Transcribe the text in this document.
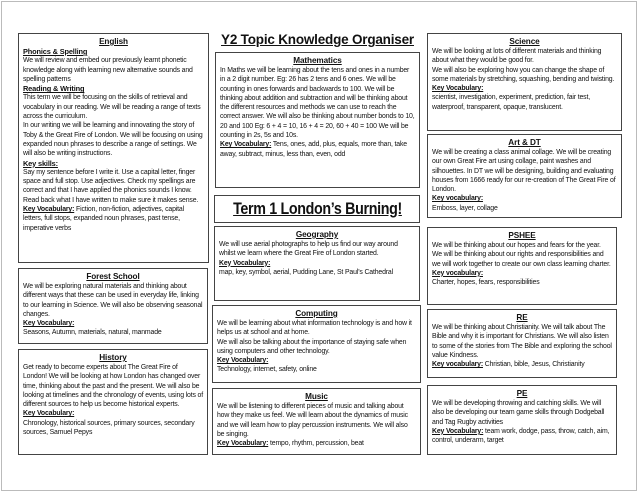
English
Phonics & Spelling

We will review and embed our previously learnt phonetic knowledge along with learning new alternative sounds and spelling patterns

Reading & Writing

This term we will be focusing on the skills of retrieval and vocabulary in our reading. We will be reading a range of texts across the curriculum.

In our writing we will be learning and innovating the story of Toby & the Great Fire of London. We will be focusing on using expanded noun phrases to describe a range of settings. We will also be writing instructions.

Key skills:

Say my sentence before I write it. Use a capital letter, finger space and full stop. Use adjectives. Check my spellings are correct and that I have applied the phonics sounds I know. Read back what I have written to make sure it makes sense.

Key Vocabulary: Fiction, non-fiction, adjectives, capital letters, full stops, expanded noun phrases, past tense, imperative verbs

Forest School

We will be exploring natural materials and thinking about different ways that these can be used in everyday life, linking to our learning in Science. We will also be observing seasonal changes.

Key Vocabulary:

Seasons, Autumn, materials, natural, manmade

History

Get ready to become experts about The Great Fire of London! We will be looking at how London has changed over time, thinking about the past and the present. We will also be looking at timelines and the chronology of events, using lots of different sources to help us become historical experts.

Key Vocabulary:

Chronology, historical sources, primary sources, secondary sources, Samuel Pepys

Y2 Topic Knowledge Organiser
Mathematics

In Maths we will be learning about the tens and ones in a number in a 2 digit number. Eg: 26 has 2 tens and 6 ones. We will be counting in ones forwards and backwards to 100. We will be thinking about addition and subtraction and will be thinking about the different resources and methods we can use to reach the correct answer. We will also be thinking about number bonds to 10, 20 and 100 Eg: 6 + 4 = 10, 16 + 4 = 20, 60 + 40 = 100 We will be counting in 2s, 5s and 10s.

Key Vocabulary: Tens, ones, add, plus, equals, more than, take away, subtract, minus, less than, even, odd

Term 1 London’s Burning!
Geography

We will use aerial photographs to help us find our way around whilst we learn where the Great Fire of London started.

Key Vocabulary:

map, key, symbol, aerial, Pudding Lane, St Paul’s Cathedral

Computing

We will be learning about what information technology is and how it helps us at school and at home.

We will also be talking about the importance of staying safe when using computers and other technology.

Key Vocabulary:

Technology, internet, safety, online

Music

We will be listening to different pieces of music and talking about how they make us feel. We will learn about the dynamics of music and we will learn how to play percussion instruments. We will also be singing.

Key Vocabulary: tempo, rhythm, percussion, beat

Science

We will be looking at lots of different materials and thinking about what they would be good for.

We will also be exploring how you can change the shape of some materials by stretching, squashing, bending and twisting.

Key Vocabulary:

scientist, investigation, experiment, prediction, fair test, waterproof, transparent, opaque, translucent.

Art & DT

We will be creating a class animal collage. We will be creating our own Great Fire art using collage, paint washes and silhouettes. In DT we will be designing, building and evaluating houses from 1666 ready for our re-creation of The Great Fire of London.

Key vocabulary:

Emboss, layer, collage

PSHEE

We will be thinking about our hopes and fears for the year. We will be thinking about our rights and responsibilities and we will work together to create our own class learning charter.

Key vocabulary:

Charter, hopes, fears, responsibilities

RE

We will be thinking about Christianity. We will talk about The Bible and why it is important for Christians. We will also listen to some of the stories from The Bible and exploring the school value Kindness.

Key vocabulary: Christian, bible, Jesus, Christianity

PE

We will be developing throwing and catching skills. We will also be developing our team game skills through Dodgeball and Tag Rugby activities

Key Vocabulary: team work, dodge, pass, throw, catch, aim, control, underarm, target
